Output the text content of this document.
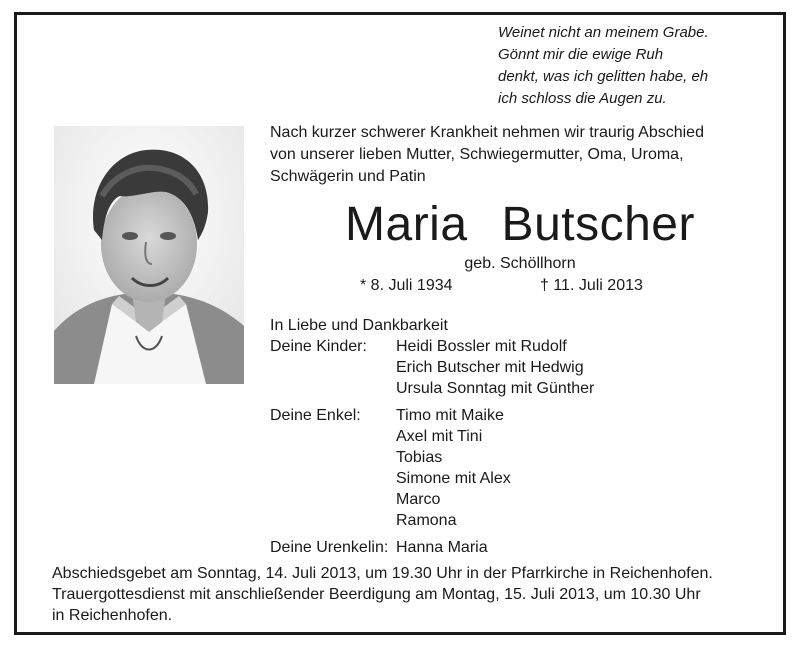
Weinet nicht an meinem Grabe.
Gönnt mir die ewige Ruh
denkt, was ich gelitten habe, eh
ich schloss die Augen zu.
Nach kurzer schwerer Krankheit nehmen wir traurig Abschied
von unserer lieben Mutter, Schwiegermutter, Oma, Uroma,
Schwägerin und Patin
Maria Butscher
geb. Schöllhorn
* 8. Juli 1934	† 11. Juli 2013
In Liebe und Dankbarkeit
Deine Kinder: Heidi Bossler mit Rudolf
Erich Butscher mit Hedwig
Ursula Sonntag mit Günther
Deine Enkel: Timo mit Maike
Axel mit Tini
Tobias
Simone mit Alex
Marco
Ramona
Deine Urenkelin: Hanna Maria
Abschiedsgebet am Sonntag, 14. Juli 2013, um 19.30 Uhr in der Pfarrkirche in Reichenhofen.
Trauergottesdienst mit anschließender Beerdigung am Montag, 15. Juli 2013, um 10.30 Uhr
in Reichenhofen.
